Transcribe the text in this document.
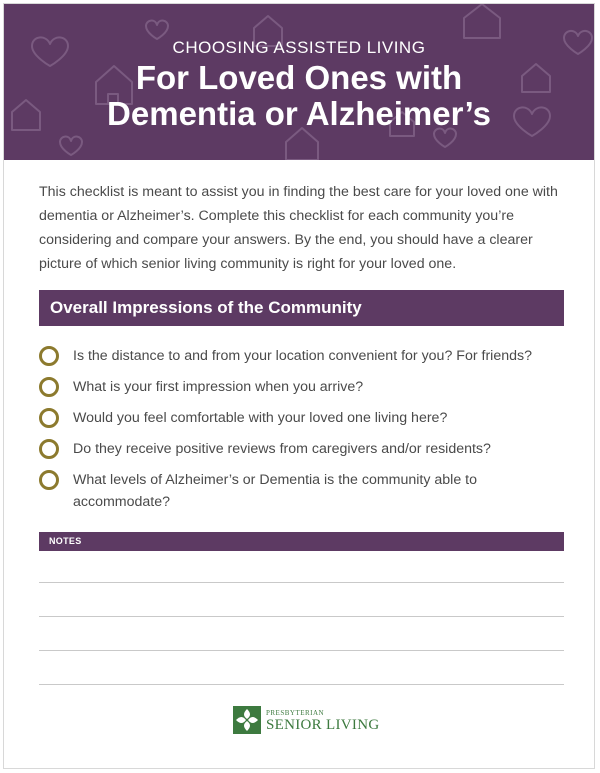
CHOOSING ASSISTED LIVING
For Loved Ones with
Dementia or Alzheimer’s
This checklist is meant to assist you in finding the best care for your loved one with dementia or Alzheimer’s. Complete this checklist for each community you’re considering and compare your answers. By the end, you should have a clearer picture of which senior living community is right for your loved one.
Overall Impressions of the Community
Is the distance to and from your location convenient for you? For friends?
What is your first impression when you arrive?
Would you feel comfortable with your loved one living here?
Do they receive positive reviews from caregivers and/or residents?
What levels of Alzheimer’s or Dementia is the community able to accommodate?
NOTES
PRESBYTERIAN
SENIOR LIVING
